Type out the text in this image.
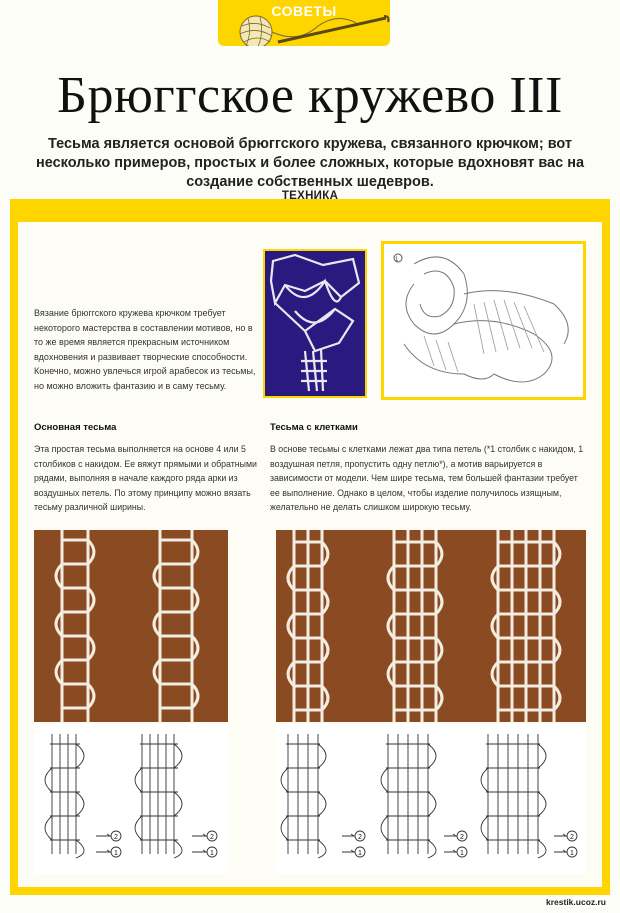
СОВЕТЫ
Брюггское кружево III
Тесьма является основой брюггского кружева, связанного крючком; вот несколько примеров, простых и более сложных, которые вдохновят вас на создание собственных шедевров.
ТЕХНИКА
1
Вязание брюггского кружева крючком требует некоторого мастерства в составлении мотивов, но в то же время является прекрасным источником вдохновения и развивает творческие способности. Конечно, можно увлечься игрой арабесок из тесьмы, но можно вложить фантазию и в саму тесьму.
Основная тесьма
Эта простая тесьма выполняется на основе 4 или 5 столбиков с накидом. Ее вяжут прямыми и обратными рядами, выполняя в начале каждого ряда арки из воздушных петель. По этому принципу можно вязать тесьму различной ширины.
Тесьма с клетками
В основе тесьмы с клетками лежат два типа петель (*1 столбик с накидом, 1 воздушная петля, пропустить одну петлю*), а мотив варьируется в зависимости от модели. Чем шире тесьма, тем большей фантазии требует ее выполнение. Однако в целом, чтобы изделие получилось изящным, желательно не делать слишком широкую тесьму.
2
1
2
1
2
1
2
1
2
1
krestik.ucoz.ru
